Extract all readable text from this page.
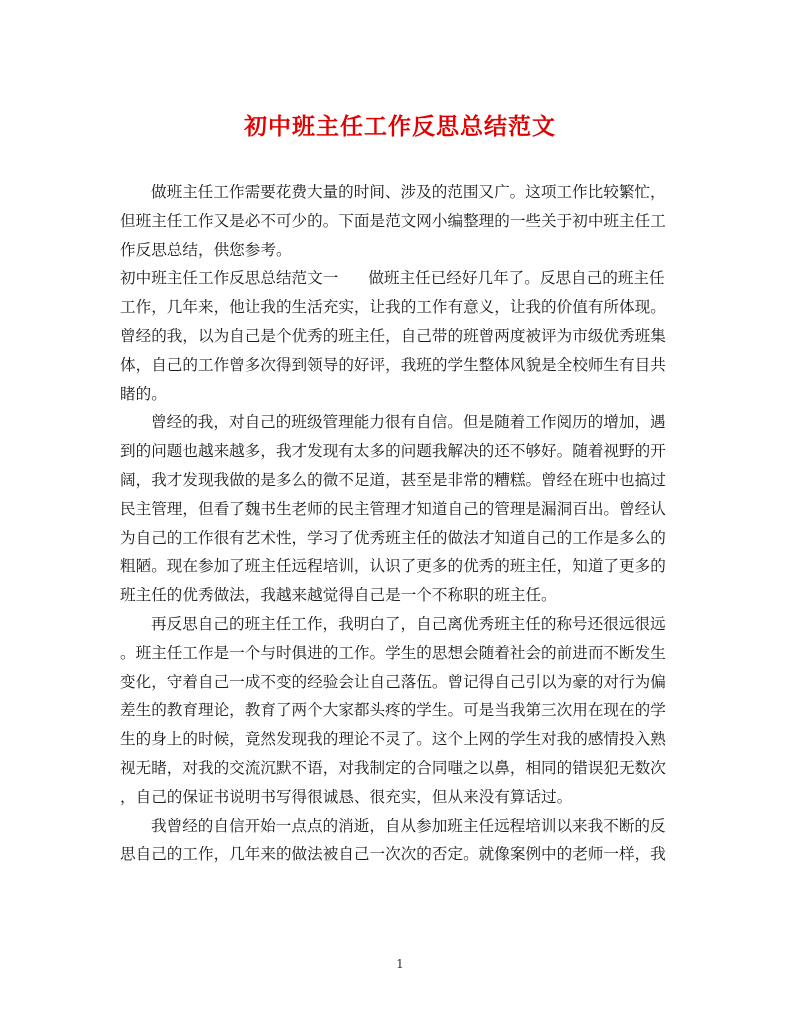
初中班主任工作反思总结范文
做班主任工作需要花费大量的时间、涉及的范围又广。这项工作比较繁忙，
但班主任工作又是必不可少的。下面是范文网小编整理的一些关于初中班主任工
作反思总结，供您参考。
初中班主任工作反思总结范文一 做班主任已经好几年了。反思自己的班主任
工作，几年来，他让我的生活充实，让我的工作有意义，让我的价值有所体现。
曾经的我，以为自己是个优秀的班主任，自己带的班曾两度被评为市级优秀班集
体，自己的工作曾多次得到领导的好评，我班的学生整体风貌是全校师生有目共
睹的。
曾经的我，对自己的班级管理能力很有自信。但是随着工作阅历的增加，遇
到的问题也越来越多，我才发现有太多的问题我解决的还不够好。随着视野的开
阔，我才发现我做的是多么的微不足道，甚至是非常的糟糕。曾经在班中也搞过
民主管理，但看了魏书生老师的民主管理才知道自己的管理是漏洞百出。曾经认
为自己的工作很有艺术性，学习了优秀班主任的做法才知道自己的工作是多么的
粗陋。现在参加了班主任远程培训，认识了更多的优秀的班主任，知道了更多的
班主任的优秀做法，我越来越觉得自己是一个不称职的班主任。
再反思自己的班主任工作，我明白了，自己离优秀班主任的称号还很远很远
。班主任工作是一个与时俱进的工作。学生的思想会随着社会的前进而不断发生
变化，守着自己一成不变的经验会让自己落伍。曾记得自己引以为豪的对行为偏
差生的教育理论，教育了两个大家都头疼的学生。可是当我第三次用在现在的学
生的身上的时候，竟然发现我的理论不灵了。这个上网的学生对我的感情投入熟
视无睹，对我的交流沉默不语，对我制定的合同嗤之以鼻，相同的错误犯无数次
，自己的保证书说明书写得很诚恳、很充实，但从来没有算话过。
我曾经的自信开始一点点的消逝，自从参加班主任远程培训以来我不断的反
思自己的工作，几年来的做法被自己一次次的否定。就像案例中的老师一样，我
1
